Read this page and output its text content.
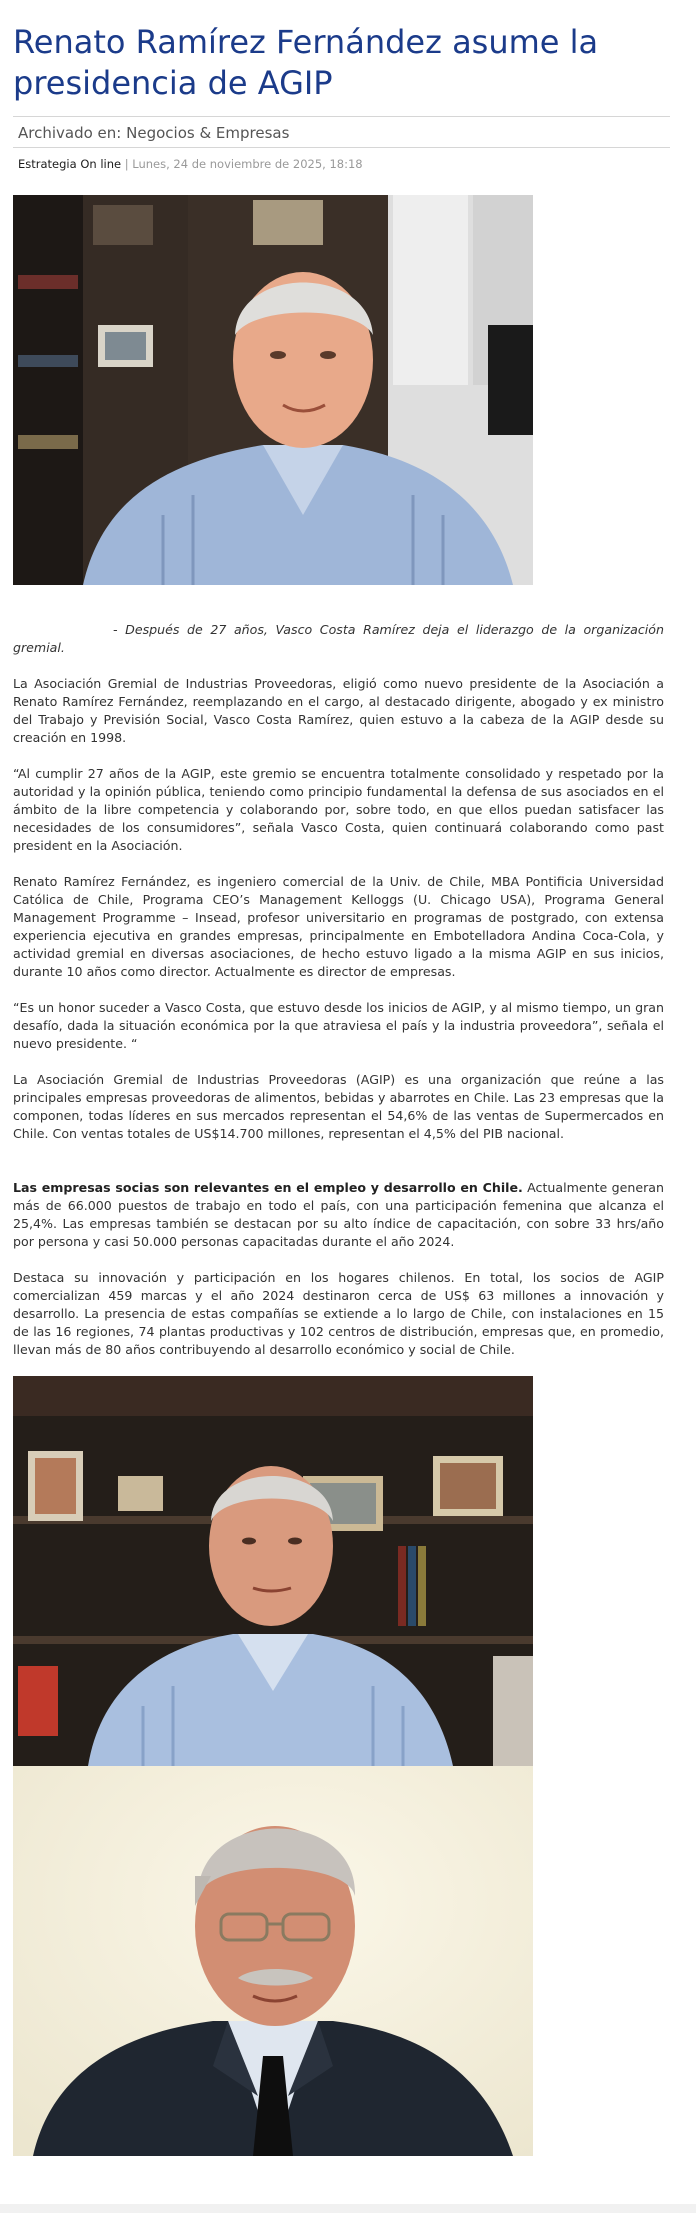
Renato Ramírez Fernández asume la presidencia de AGIP
Archivado en: Negocios & Empresas
Estrategia On line | Lunes, 24 de noviembre de 2025, 18:18

- Después de 27 años, Vasco Costa Ramírez deja el liderazgo de la organización gremial.

La Asociación Gremial de Industrias Proveedoras, eligió como nuevo presidente de la Asociación a Renato Ramírez Fernández, reemplazando en el cargo, al destacado dirigente, abogado y ex ministro del Trabajo y Previsión Social, Vasco Costa Ramírez, quien estuvo a la cabeza de la AGIP desde su creación en 1998.

“Al cumplir 27 años de la AGIP, este gremio se encuentra totalmente consolidado y respetado por la autoridad y la opinión pública, teniendo como principio fundamental la defensa de sus asociados en el ámbito de la libre competencia y colaborando por, sobre todo, en que ellos puedan satisfacer las necesidades de los consumidores”, señala Vasco Costa, quien continuará colaborando como past president en la Asociación.

Renato Ramírez Fernández, es ingeniero comercial de la Univ. de Chile, MBA Pontificia Universidad Católica de Chile, Programa CEO’s Management Kelloggs (U. Chicago USA), Programa General Management Programme – Insead, profesor universitario en programas de postgrado, con extensa experiencia ejecutiva en grandes empresas, principalmente en Embotelladora Andina Coca-Cola, y actividad gremial en diversas asociaciones, de hecho estuvo ligado a la misma AGIP en sus inicios, durante 10 años como director. Actualmente es director de empresas.

“Es un honor suceder a Vasco Costa, que estuvo desde los inicios de AGIP, y al mismo tiempo, un gran desafío, dada la situación económica por la que atraviesa el país y la industria proveedora”, señala el nuevo presidente. “

La Asociación Gremial de Industrias Proveedoras (AGIP) es una organización que reúne a las principales empresas proveedoras de alimentos, bebidas y abarrotes en Chile. Las 23 empresas que la componen, todas líderes en sus mercados representan el 54,6% de las ventas de Supermercados en Chile. Con ventas totales de US$14.700 millones, representan el 4,5% del PIB nacional.

Las empresas socias son relevantes en el empleo y desarrollo en Chile. Actualmente generan más de 66.000 puestos de trabajo en todo el país, con una participación femenina que alcanza el 25,4%. Las empresas también se destacan por su alto índice de capacitación, con sobre 33 hrs/año por persona y casi 50.000 personas capacitadas durante el año 2024.

Destaca su innovación y participación en los hogares chilenos. En total, los socios de AGIP comercializan 459 marcas y el año 2024 destinaron cerca de US$ 63 millones a innovación y desarrollo. La presencia de estas compañías se extiende a lo largo de Chile, con instalaciones en 15 de las 16 regiones, 74 plantas productivas y 102 centros de distribución, empresas que, en promedio, llevan más de 80 años contribuyendo al desarrollo económico y social de Chile.
